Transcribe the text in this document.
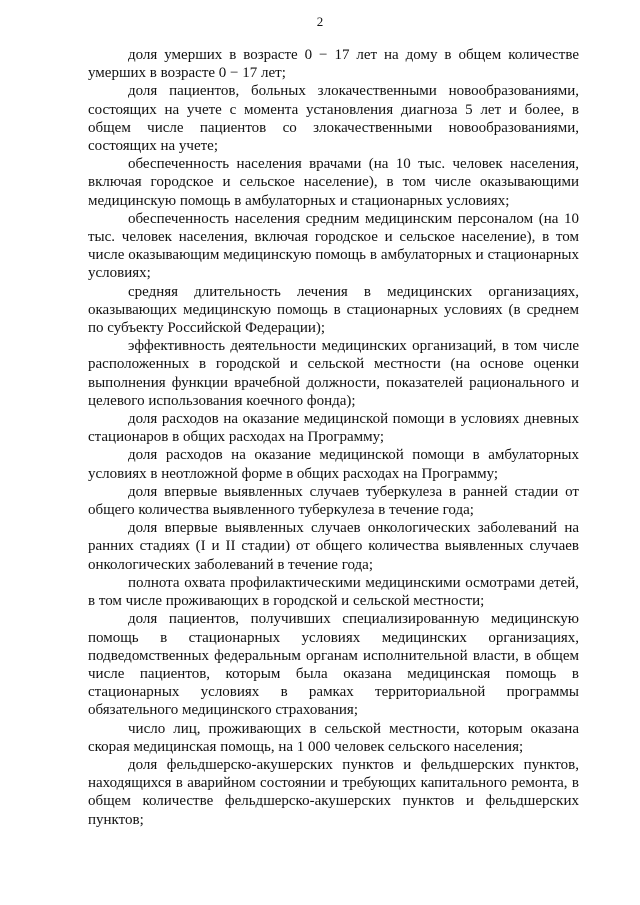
2

доля умерших в возрасте 0 − 17 лет на дому в общем количестве умерших в возрасте 0 − 17 лет;

доля пациентов, больных злокачественными новообразованиями, состоящих на учете с момента установления диагноза 5 лет и более, в общем числе пациентов со злокачественными новообразованиями, состоящих на учете;

обеспеченность населения врачами (на 10 тыс. человек населения, включая городское и сельское население), в том числе оказывающими медицинскую помощь в амбулаторных и стационарных условиях;

обеспеченность населения средним медицинским персоналом (на 10 тыс. человек населения, включая городское и сельское население), в том числе оказывающим медицинскую помощь в амбулаторных и стационарных условиях;

средняя длительность лечения в медицинских организациях, оказывающих медицинскую помощь в стационарных условиях (в среднем по субъекту Российской Федерации);

эффективность деятельности медицинских организаций, в том числе расположенных в городской и сельской местности (на основе оценки выполнения функции врачебной должности, показателей рационального и целевого использования коечного фонда);

доля расходов на оказание медицинской помощи в условиях дневных стационаров в общих расходах на Программу;

доля расходов на оказание медицинской помощи в амбулаторных условиях в неотложной форме в общих расходах на Программу;

доля впервые выявленных случаев туберкулеза в ранней стадии от общего количества выявленного туберкулеза в течение года;

доля впервые выявленных случаев онкологических заболеваний на ранних стадиях (I и II стадии) от общего количества выявленных случаев онкологических заболеваний в течение года;

полнота охвата профилактическими медицинскими осмотрами детей, в том числе проживающих в городской и сельской местности;

доля пациентов, получивших специализированную медицинскую помощь в стационарных условиях медицинских организациях, подведомственных федеральным органам исполнительной власти, в общем числе пациентов, которым была оказана медицинская помощь в стационарных условиях в рамках территориальной программы обязательного медицинского страхования;

число лиц, проживающих в сельской местности, которым оказана скорая медицинская помощь, на 1 000 человек сельского населения;

доля фельдшерско-акушерских пунктов и фельдшерских пунктов, находящихся в аварийном состоянии и требующих капитального ремонта, в общем количестве фельдшерско-акушерских пунктов и фельдшерских пунктов;
